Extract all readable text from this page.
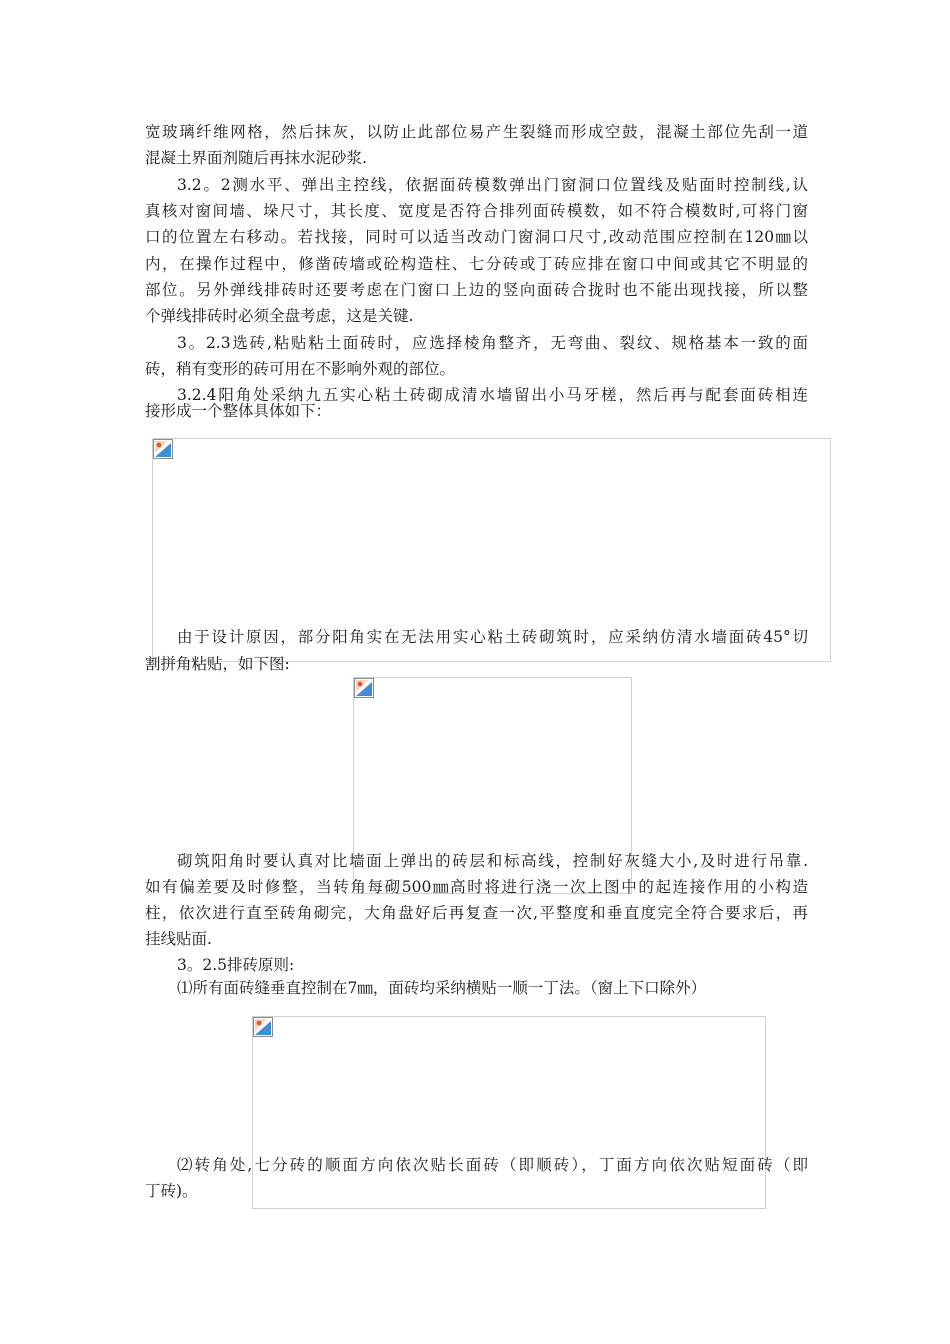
宽玻璃纤维网格，然后抹灰，以防止此部位易产生裂缝而形成空鼓，混凝土部位先刮一道
混凝土界面剂随后再抹水泥砂浆.
3.2。2测水平、弹出主控线，依据面砖模数弹出门窗洞口位置线及贴面时控制线,认
真核对窗间墙、垛尺寸，其长度、宽度是否符合排列面砖模数，如不符合模数时,可将门窗
口的位置左右移动。若找接，同时可以适当改动门窗洞口尺寸,改动范围应控制在120㎜以
内，在操作过程中，修凿砖墙或砼构造柱、七分砖或丁砖应排在窗口中间或其它不明显的
部位。另外弹线排砖时还要考虑在门窗口上边的竖向面砖合拢时也不能出现找接，所以整
个弹线排砖时必须全盘考虑，这是关键.
3。2.3选砖,粘贴粘土面砖时，应选择棱角整齐，无弯曲、裂纹、规格基本一致的面
砖，稍有变形的砖可用在不影响外观的部位。
3.2.4阳角处采纳九五实心粘土砖砌成清水墙留出小马牙槎，然后再与配套面砖相连
接形成一个整体具体如下：
由于设计原因，部分阳角实在无法用实心粘土砖砌筑时，应采纳仿清水墙面砖45°切
割拼角粘贴，如下图:
砌筑阳角时要认真对比墙面上弹出的砖层和标高线，控制好灰缝大小,及时进行吊靠.
如有偏差要及时修整，当转角每砌500㎜高时将进行浇一次上图中的起连接作用的小构造
柱，依次进行直至砖角砌完，大角盘好后再复查一次,平整度和垂直度完全符合要求后，再
挂线贴面.
3。2.5排砖原则:
⑴所有面砖缝垂直控制在7㎜，面砖均采纳横贴一顺一丁法。（窗上下口除外）
⑵转角处,七分砖的顺面方向依次贴长面砖（即顺砖），丁面方向依次贴短面砖（即
丁砖)。
